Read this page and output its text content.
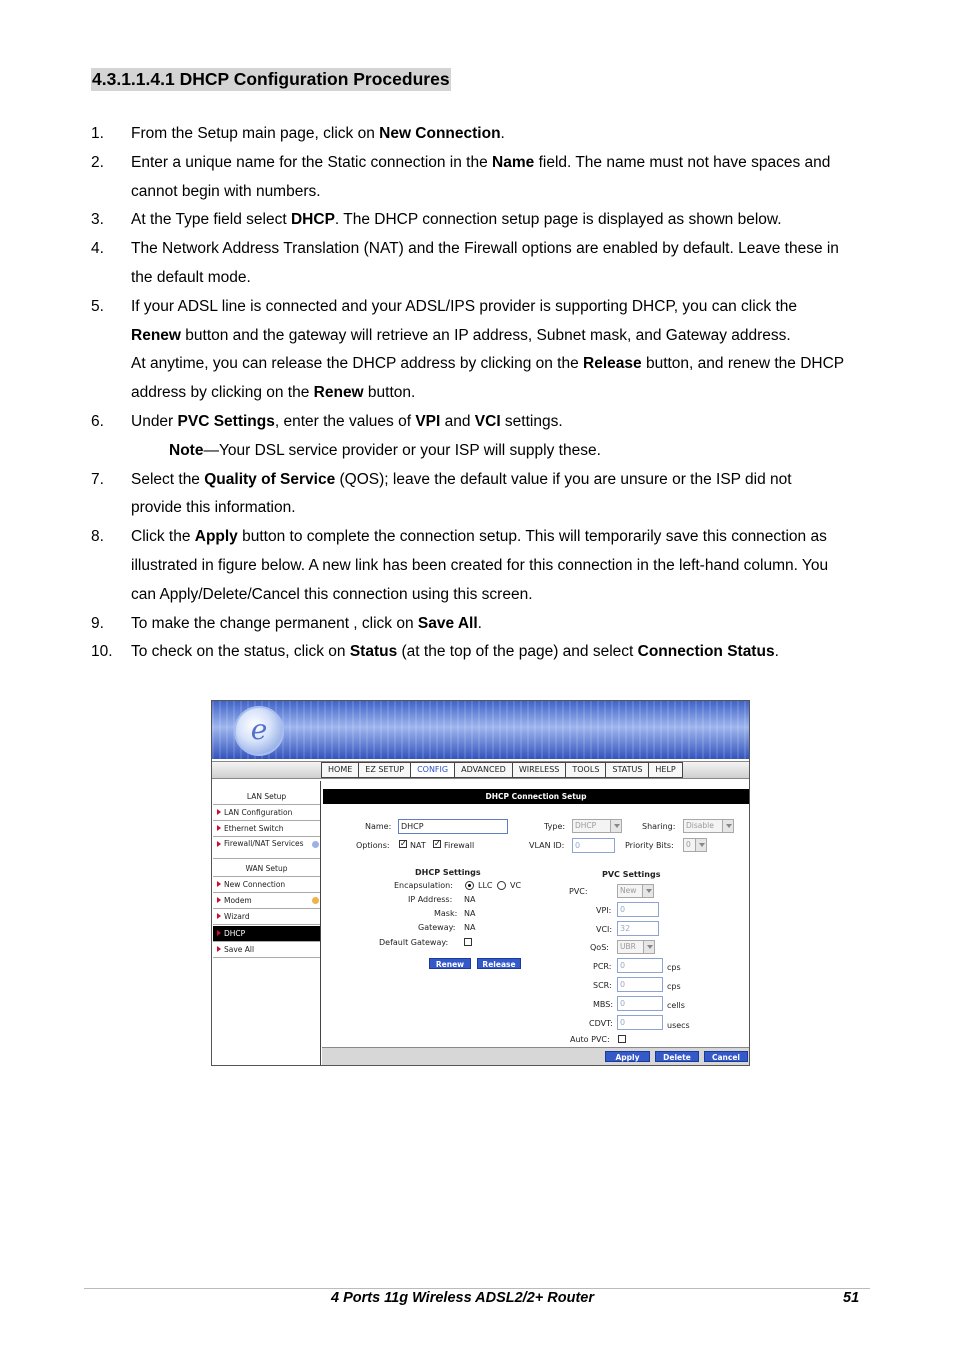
4.3.1.1.4.1 DHCP Configuration Procedures
1. From the Setup main page, click on New Connection.
2. Enter a unique name for the Static connection in the Name field. The name must not have spaces and
cannot begin with numbers.
3. At the Type field select DHCP. The DHCP connection setup page is displayed as shown below.
4. The Network Address Translation (NAT) and the Firewall options are enabled by default. Leave these in
the default mode.
5. If your ADSL line is connected and your ADSL/IPS provider is supporting DHCP, you can click the
Renew button and the gateway will retrieve an IP address, Subnet mask, and Gateway address.
At anytime, you can release the DHCP address by clicking on the Release button, and renew the DHCP
address by clicking on the Renew button.
6. Under PVC Settings, enter the values of VPI and VCI settings.
Note—Your DSL service provider or your ISP will supply these.
7. Select the Quality of Service (QOS); leave the default value if you are unsure or the ISP did not
provide this information.
8. Click the Apply button to complete the connection setup. This will temporarily save this connection as
illustrated in figure below. A new link has been created for this connection in the left-hand column. You
can Apply/Delete/Cancel this connection using this screen.
9. To make the change permanent , click on Save All.
10. To check on the status, click on Status (at the top of the page) and select Connection Status.
e
HOME	EZ SETUP	CONFIG	ADVANCED	WIRELESS	TOOLS	STATUS	HELP
LAN Setup
LAN Configuration
Ethernet Switch
Firewall/NAT Services
WAN Setup
New Connection
Modem
Wizard
DHCP
Save All
DHCP Connection Setup
Name:	DHCP	Type:	DHCP	Sharing:	Disable
Options: ✓ NAT ✓ Firewall	VLAN ID:	0	Priority Bits:	0
DHCP Settings
Encapsulation:	LLC VC
IP Address: NA
Mask: NA
Gateway: NA
Default Gateway:
Renew	Release
PVC Settings
PVC:	New
VPI:	0
VCI: 32
QoS:	UBR
PCR:	0	cps
SCR:	0	cps
MBS: 0	cells
CDVT: 0	usecs
Auto PVC:
Apply	Delete	Cancel
4 Ports 11g Wireless ADSL2/2+ Router	51
